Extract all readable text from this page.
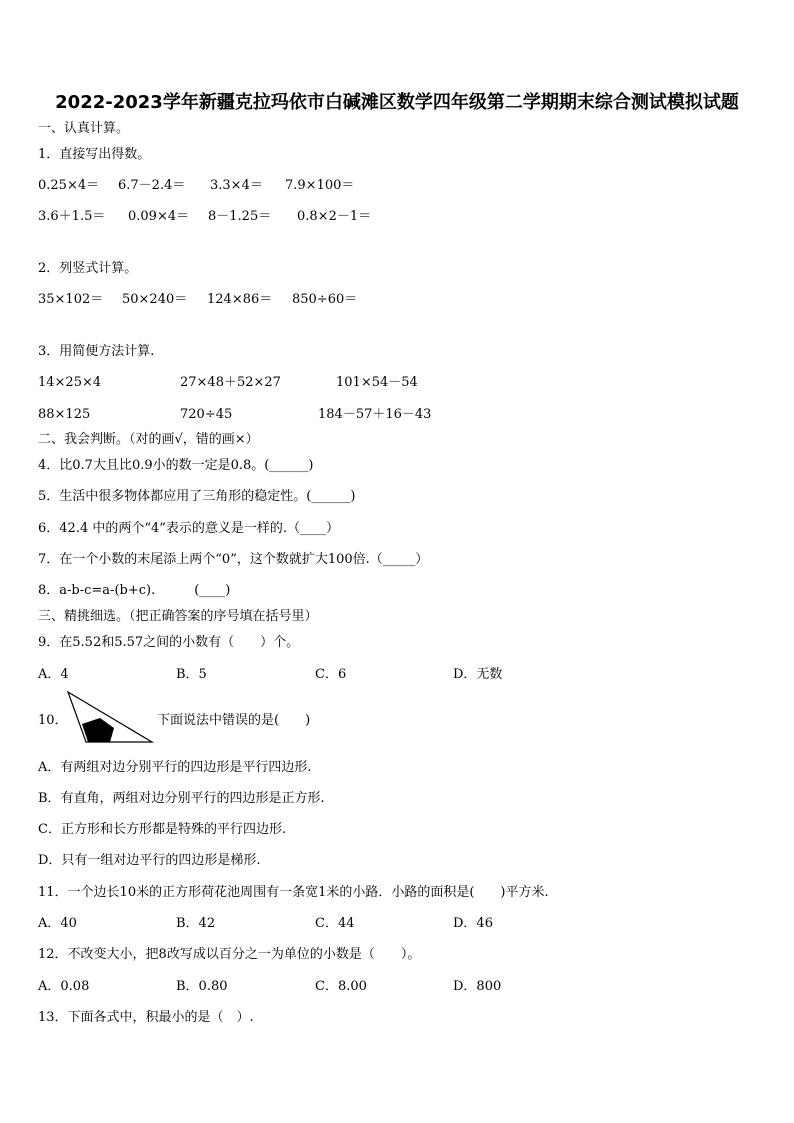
2022-2023学年新疆克拉玛依市白碱滩区数学四年级第二学期期末综合测试模拟试题
一、认真计算。
1．直接写出得数。
0.25×4＝ 6.7－2.4＝ 3.3×4＝ 7.9×100＝
3.6＋1.5＝ 0.09×4＝ 8－1.25＝ 0.8×2－1＝
2．列竖式计算。
35×102＝ 50×240＝ 124×86＝ 850÷60＝
3．用简便方法计算.
14×25×4	27×48＋52×27	101×54－54
88×125	720÷45	184－57＋16－43
二、我会判断。（对的画√，错的画×）
4．比0.7大且比0.9小的数一定是0.8。(______)
5．生活中很多物体都应用了三角形的稳定性。(______)
6．42.4 中的两个“4”表示的意义是一样的.（____）
7．在一个小数的末尾添上两个“0”，这个数就扩大100倍.（_____）
8．a-b-c=a-(b+c).　　　(____)
三、精挑细选。（把正确答案的序号填在括号里）
9．在5.52和5.57之间的小数有（　　）个。
A．4	B．5	C．6	D．无数
10．	下面说法中错误的是(　　)
A．有两组对边分别平行的四边形是平行四边形.
B．有直角，两组对边分别平行的四边形是正方形.
C．正方形和长方形都是特殊的平行四边形.
D．只有一组对边平行的四边形是梯形.
11．一个边长10米的正方形荷花池周围有一条宽1米的小路．小路的面积是(　　)平方米.
A．40	B．42	C．44	D．46
12．不改变大小，把8改写成以百分之一为单位的小数是（　　）。
A．0.08	B．0.80	C．8.00	D．800
13．下面各式中，积最小的是（　）.
